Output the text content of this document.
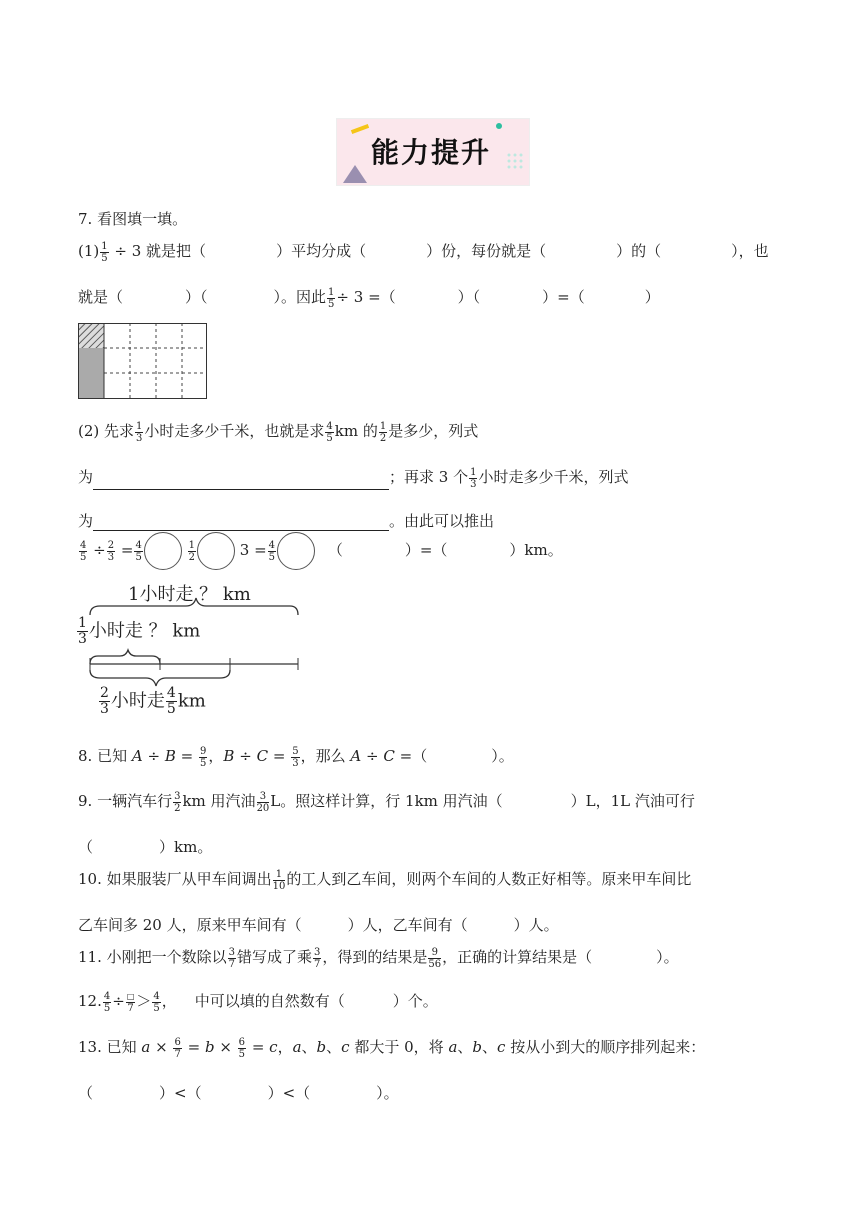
能力提升
7. 看图填一填。
$(1) \frac{1}{5} \div 3$ 就是把（	）平均分成（	）份，每份就是（	）的（	），也
就是（	）（	）。因此 $\frac{1}{5} \div 3$ =（	）（	）=（	）
(2) 先求 $\frac{1}{3}$ 小时走多少千米，也就是求 $\frac{4}{5}$ km 的 $\frac{1}{2}$ 是多少，列式
为	；再求 3 个 $\frac{1}{3}$ 小时走多少千米，列式
为	。由此可以推出
$\frac{4}{5} \div \frac{2}{3} = \frac{4}{5}$
	$\frac{1}{2}$	$3 = \frac{4}{5}$	（	）=（	）km。
1小时走 ？ km
$\frac{1}{3}$ 小时走 ？ km
$\frac{2}{3}$ 小时走 $\frac{4}{5}$ km
8. 已知 $A \div B = \frac{9}{5}$ ，$B \div C = \frac{5}{3}$ ，那么 A ÷ C =（	）。
9. 一辆汽车行 $\frac{3}{2}$ km 用汽油 $\frac{3}{20}$ L。照这样计算，行 1km 用汽油（	）L，1L 汽油可行
（	）km。
10. 如果服装厂从甲车间调出 $\frac{1}{10}$ 的工人到乙车间，则两个车间的人数正好相等。原来甲车间比
乙车间多 20 人，原来甲车间有（	）人，乙车间有（	）人。
11. 小刚把一个数除以 $\frac{3}{7}$ 错写成了乘 $\frac{3}{7}$ ，得到的结果是 $\frac{9}{56}$ ，正确的计算结果是（	）。
12. $\frac{4}{5} \div \frac{□}{7} > \frac{4}{5}$ ， 中可以填的自然数有（	）个。
13. 已知 $a \times \frac{6}{7} = b \times \frac{6}{5} = c$，a、b、c 都大于 0，将 a、b、c 按从小到大的顺序排列起来：
（	）<（	）<（	）。
